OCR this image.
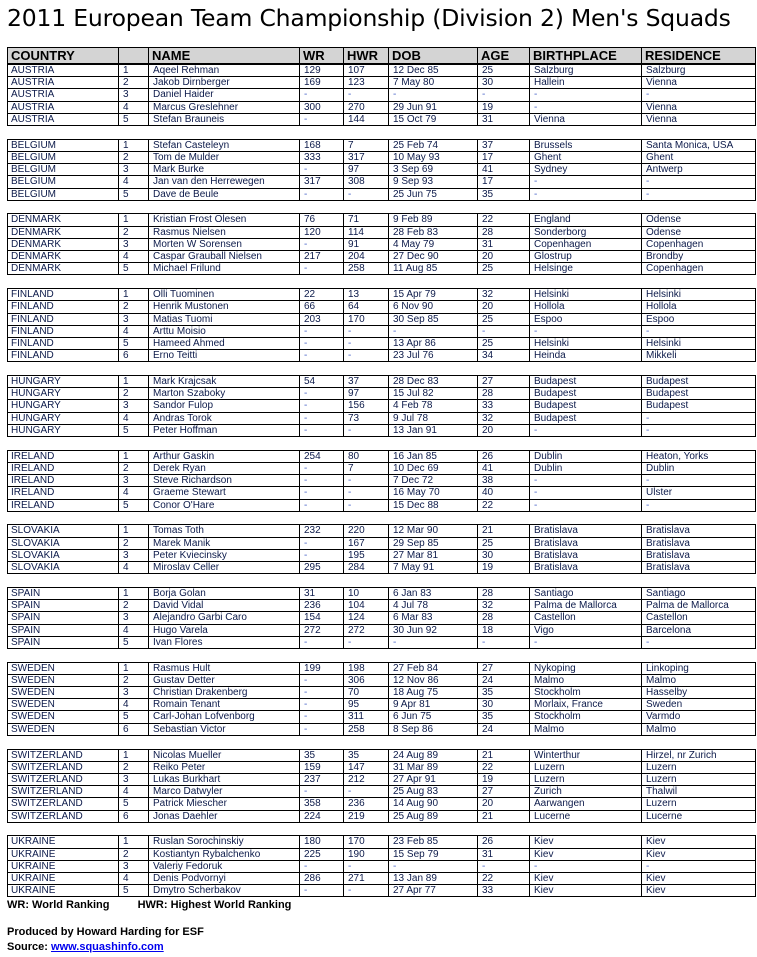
2011 European Team Championship (Division 2) Men's Squads
COUNTRY		NAME	WR	HWR	DOB	AGE	BIRTHPLACE	RESIDENCE
AUSTRIA	1	Aqeel Rehman	129	107	12 Dec 85	25	Salzburg	Salzburg
AUSTRIA	2	Jakob Dirnberger	169	123	7 May 80	30	Hallein	Vienna
AUSTRIA	3	Daniel Haider	-	-	-	-	-	-
AUSTRIA	4	Marcus Greslehner	300	270	29 Jun 91	19	-	Vienna
AUSTRIA	5	Stefan Brauneis	-	144	15 Oct 79	31	Vienna	Vienna
BELGIUM	1	Stefan Casteleyn	168	7	25 Feb 74	37	Brussels	Santa Monica, USA
BELGIUM	2	Tom de Mulder	333	317	10 May 93	17	Ghent	Ghent
BELGIUM	3	Mark Burke	-	97	3 Sep 69	41	Sydney	Antwerp
BELGIUM	4	Jan van den Herrewegen	317	308	9 Sep 93	17	-	-
BELGIUM	5	Dave de Beule	-	-	25 Jun 75	35	-	-
DENMARK	1	Kristian Frost Olesen	76	71	9 Feb 89	22	England	Odense
DENMARK	2	Rasmus Nielsen	120	114	28 Feb 83	28	Sonderborg	Odense
DENMARK	3	Morten W Sorensen	-	91	4 May 79	31	Copenhagen	Copenhagen
DENMARK	4	Caspar Grauball Nielsen	217	204	27 Dec 90	20	Glostrup	Brondby
DENMARK	5	Michael Frilund	-	258	11 Aug 85	25	Helsinge	Copenhagen
FINLAND	1	Olli Tuominen	22	13	15 Apr 79	32	Helsinki	Helsinki
FINLAND	2	Henrik Mustonen	66	64	6 Nov 90	20	Hollola	Hollola
FINLAND	3	Matias Tuomi	203	170	30 Sep 85	25	Espoo	Espoo
FINLAND	4	Arttu Moisio	-	-	-	-	-	-
FINLAND	5	Hameed Ahmed	-	-	13 Apr 86	25	Helsinki	Helsinki
FINLAND	6	Erno Teitti	-	-	23 Jul 76	34	Heinda	Mikkeli
HUNGARY	1	Mark Krajcsak	54	37	28 Dec 83	27	Budapest	Budapest
HUNGARY	2	Marton Szaboky	-	97	15 Jul 82	28	Budapest	Budapest
HUNGARY	3	Sandor Fulop	-	156	4 Feb 78	33	Budapest	Budapest
HUNGARY	4	Andras Torok	-	73	9 Jul 78	32	Budapest	-
HUNGARY	5	Peter Hoffman	-	-	13 Jan 91	20	-	-
IRELAND	1	Arthur Gaskin	254	80	16 Jan 85	26	Dublin	Heaton, Yorks
IRELAND	2	Derek Ryan	-	7	10 Dec 69	41	Dublin	Dublin
IRELAND	3	Steve Richardson	-	-	7 Dec 72	38	-	-
IRELAND	4	Graeme Stewart	-	-	16 May 70	40	-	Ulster
IRELAND	5	Conor O'Hare	-	-	15 Dec 88	22	-	-
SLOVAKIA	1	Tomas Toth	232	220	12 Mar 90	21	Bratislava	Bratislava
SLOVAKIA	2	Marek Manik	-	167	29 Sep 85	25	Bratislava	Bratislava
SLOVAKIA	3	Peter Kviecinsky	-	195	27 Mar 81	30	Bratislava	Bratislava
SLOVAKIA	4	Miroslav Celler	295	284	7 May 91	19	Bratislava	Bratislava
SPAIN	1	Borja Golan	31	10	6 Jan 83	28	Santiago	Santiago
SPAIN	2	David Vidal	236	104	4 Jul 78	32	Palma de Mallorca	Palma de Mallorca
SPAIN	3	Alejandro Garbi Caro	154	124	6 Mar 83	28	Castellon	Castellon
SPAIN	4	Hugo Varela	272	272	30 Jun 92	18	Vigo	Barcelona
SPAIN	5	Ivan Flores	-	-	-	-	-	-
SWEDEN	1	Rasmus Hult	199	198	27 Feb 84	27	Nykoping	Linkoping
SWEDEN	2	Gustav Detter	-	306	12 Nov 86	24	Malmo	Malmo
SWEDEN	3	Christian Drakenberg	-	70	18 Aug 75	35	Stockholm	Hasselby
SWEDEN	4	Romain Tenant	-	95	9 Apr 81	30	Morlaix, France	Sweden
SWEDEN	5	Carl-Johan Lofvenborg	-	311	6 Jun 75	35	Stockholm	Varmdo
SWEDEN	6	Sebastian Victor	-	258	8 Sep 86	24	Malmo	Malmo
SWITZERLAND	1	Nicolas Mueller	35	35	24 Aug 89	21	Winterthur	Hirzel, nr Zurich
SWITZERLAND	2	Reiko Peter	159	147	31 Mar 89	22	Luzern	Luzern
SWITZERLAND	3	Lukas Burkhart	237	212	27 Apr 91	19	Luzern	Luzern
SWITZERLAND	4	Marco Datwyler	-	-	25 Aug 83	27	Zurich	Thalwil
SWITZERLAND	5	Patrick Miescher	358	236	14 Aug 90	20	Aarwangen	Luzern
SWITZERLAND	6	Jonas Daehler	224	219	25 Aug 89	21	Lucerne	Lucerne
UKRAINE	1	Ruslan Sorochinskiy	180	170	23 Feb 85	26	Kiev	Kiev
UKRAINE	2	Kostiantyn Rybalchenko	225	190	15 Sep 79	31	Kiev	Kiev
UKRAINE	3	Valeriy Fedoruk	-	-	-	-	-	-
UKRAINE	4	Denis Podvornyi	286	271	13 Jan 89	22	Kiev	Kiev
UKRAINE	5	Dmytro Scherbakov	-	-	27 Apr 77	33	Kiev	Kiev
WR: World Ranking	HWR: Highest World Ranking
Produced by Howard Harding for ESF
Source: www.squashinfo.com
